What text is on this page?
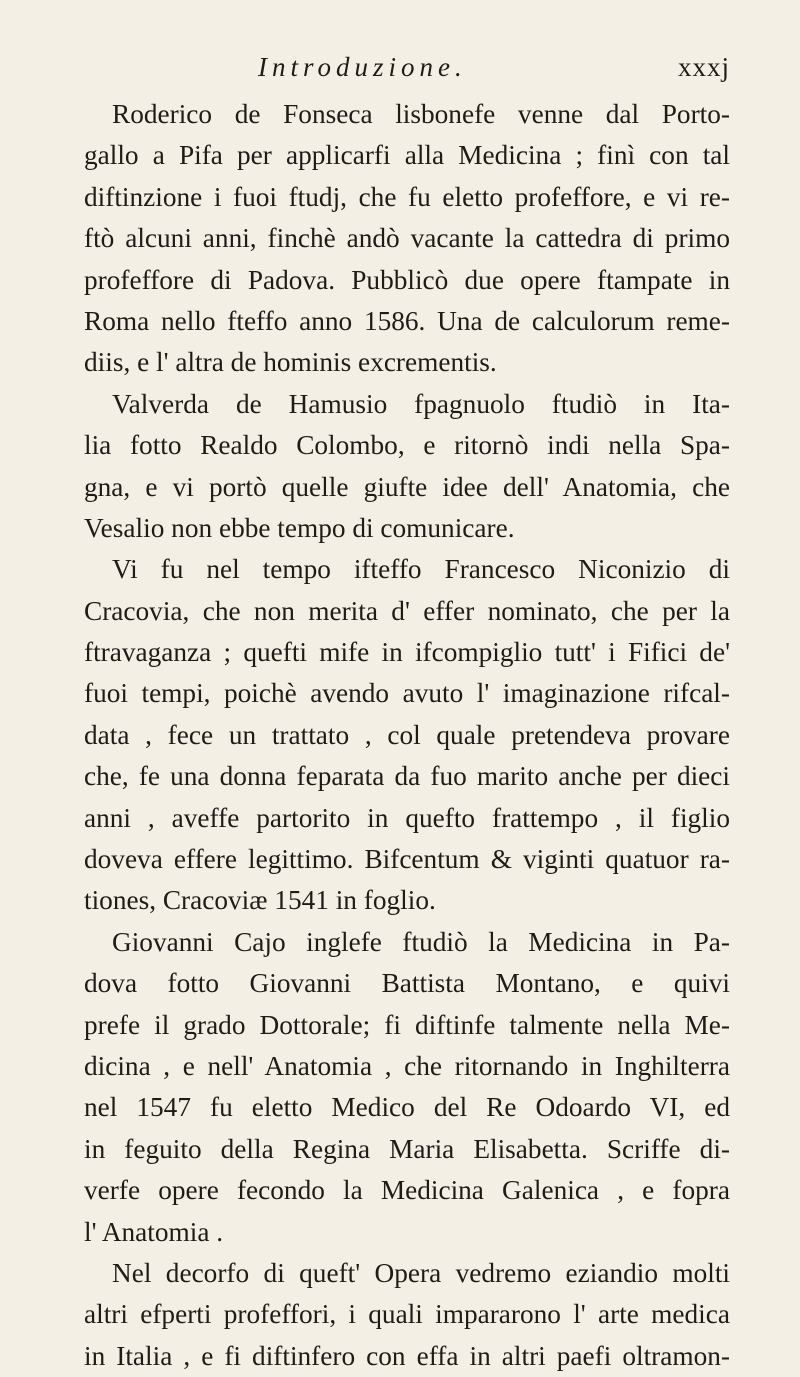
Introduzione.	xxxj
Roderico de Fonseca lisbonefe venne dal Porto-
gallo a Pifa per applicarfi alla Medicina ; finì con tal
diftinzione i fuoi ftudj, che fu eletto profeffore, e vi re-
ftò alcuni anni, finchè andò vacante la cattedra di primo
profeffore di Padova. Pubblicò due opere ftampate in
Roma nello fteffo anno 1586. Una de calculorum reme-
diis, e l' altra de hominis excrementis.
Valverda de Hamusio fpagnuolo ftudiò in Ita-
lia fotto Realdo Colombo, e ritornò indi nella Spa-
gna, e vi portò quelle giufte idee dell' Anatomia, che
Vesalio non ebbe tempo di comunicare.
Vi fu nel tempo ifteffo Francesco Niconizio di
Cracovia, che non merita d' effer nominato, che per la
ftravaganza ; quefti mife in ifcompiglio tutt' i Fifici de'
fuoi tempi, poichè avendo avuto l' imaginazione rifcal-
data , fece un trattato , col quale pretendeva provare
che, fe una donna feparata da fuo marito anche per dieci
anni , aveffe partorito in quefto frattempo , il figlio
doveva effere legittimo. Bifcentum & viginti quatuor ra-
tiones, Cracoviæ 1541 in foglio.
Giovanni Cajo inglefe ftudiò la Medicina in Pa-
dova fotto Giovanni Battista Montano, e quivi
prefe il grado Dottorale; fi diftinfe talmente nella Me-
dicina , e nell' Anatomia , che ritornando in Inghilterra
nel 1547 fu eletto Medico del Re Odoardo VI, ed
in feguito della Regina Maria Elisabetta. Scriffe di-
verfe opere fecondo la Medicina Galenica , e fopra
l' Anatomia .
Nel decorfo di queft' Opera vedremo eziandio molti
altri efperti profeffori, i quali impararono l' arte medica
in Italia , e fi diftinfero con effa in altri paefi oltramon-
